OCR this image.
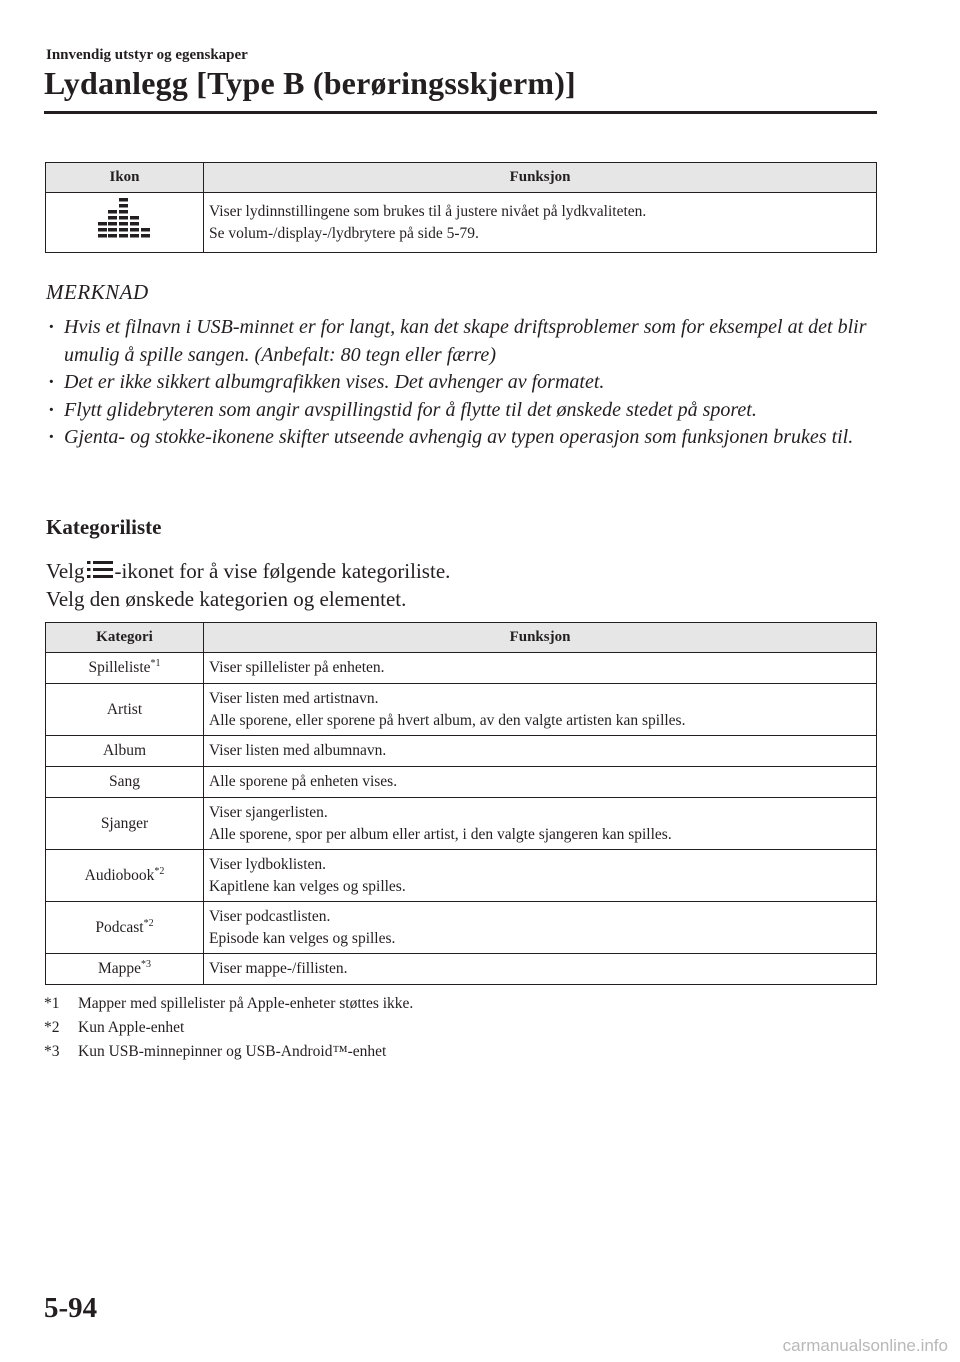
Innvendig utstyr og egenskaper
Lydanlegg [Type B (berøringsskjerm)]
Ikon	Funksjon

Viser lydinnstillingene som brukes til å justere nivået på lydkvaliteten.
Se volum-/display-/lydbrytere på side 5-79.
MERKNAD
· Hvis et filnavn i USB-minnet er for langt, kan det skape driftsproblemer som for eksempel at det blir umulig å spille sangen. (Anbefalt: 80 tegn eller færre)
· Det er ikke sikkert albumgrafikken vises. Det avhenger av formatet.
· Flytt glidebryteren som angir avspillingstid for å flytte til det ønskede stedet på sporet.
· Gjenta- og stokke-ikonene skifter utseende avhengig av typen operasjon som funksjonen brukes til.
Kategoriliste
Velg -ikonet for å vise følgende kategoriliste.
Velg den ønskede kategorien og elementet.
Kategori	Funksjon
Spilleliste$^{*1}$	Viser spillelister på enheten.

Artist	Viser listen med artistnavn.
Alle sporene, eller sporene på hvert album, av den valgte artisten kan spilles.

Album	Viser listen med albumnavn.

Sang	Alle sporene på enheten vises.

Sjanger	Viser sjangerlisten.
Alle sporene, spor per album eller artist, i den valgte sjangeren kan spilles.

Audiobook$^{*2}$	Viser lydboklisten.
Kapitlene kan velges og spilles.

Podcast$^{*2}$	Viser podcastlisten.
Episode kan velges og spilles.

Mappe$^{*3}$	Viser mappe-/fillisten.
*1 Mapper med spillelister på Apple-enheter støttes ikke.
*2 Kun Apple-enhet
*3 Kun USB-minnepinner og USB-Android™-enhet
5-94
carmanualsonline.info
